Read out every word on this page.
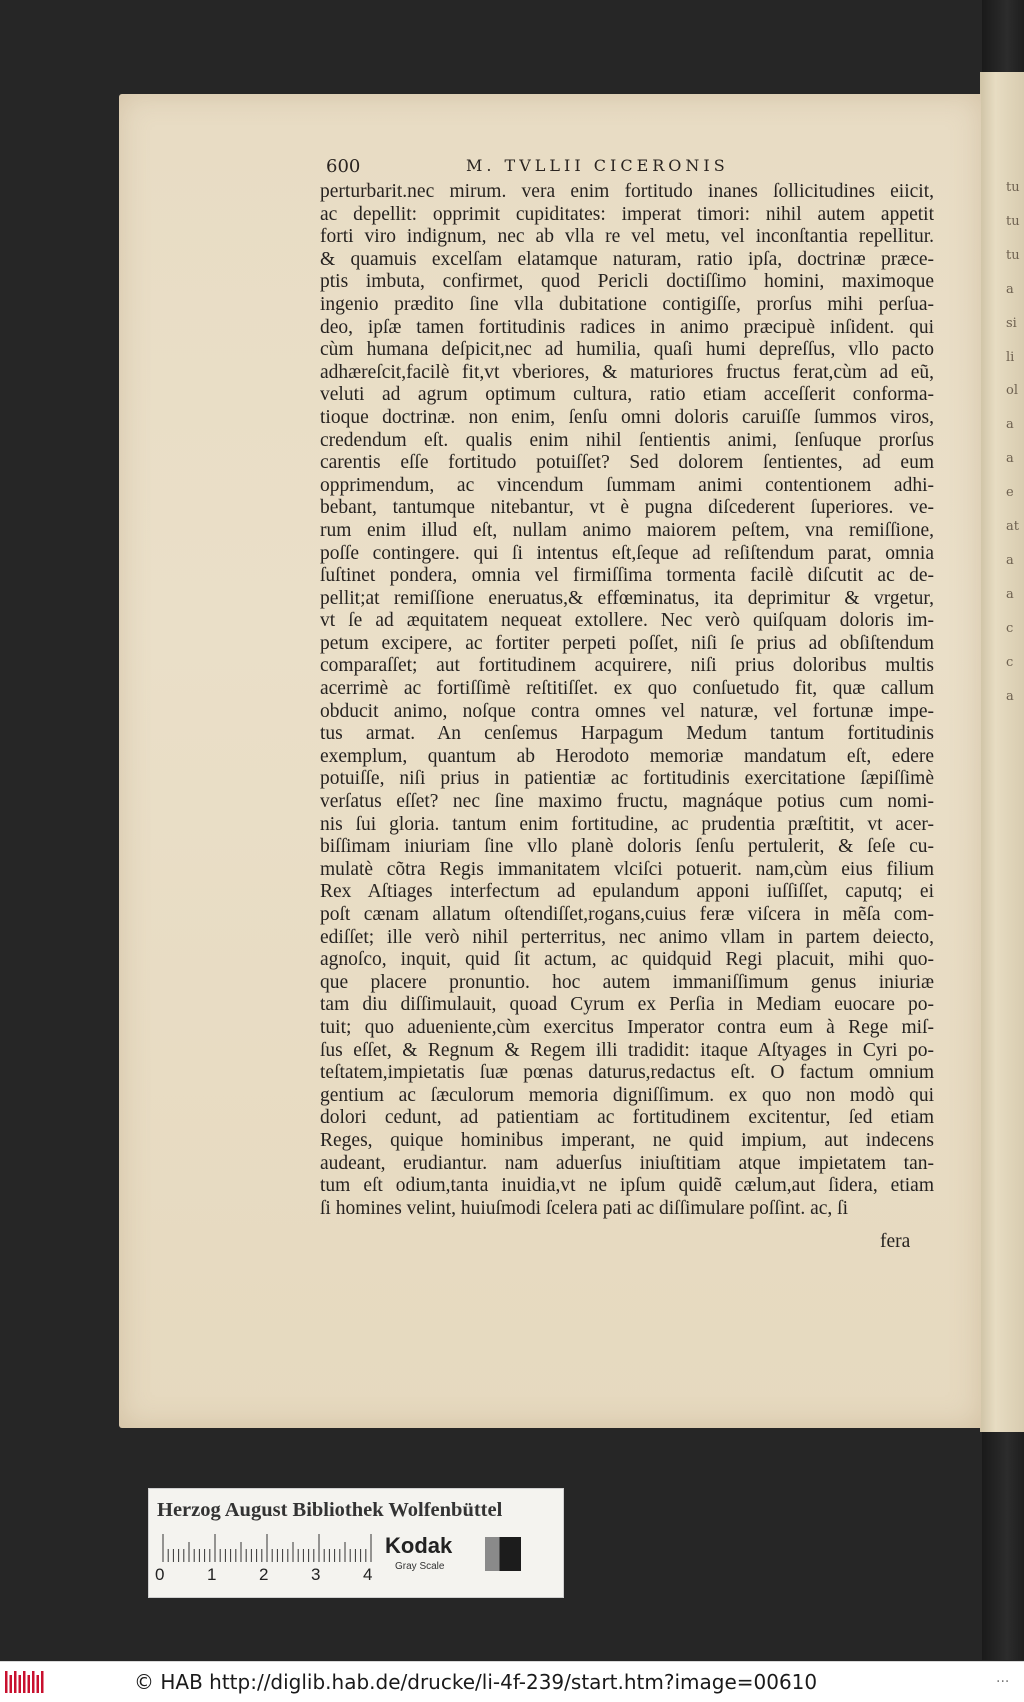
tu
tu
tu
a
si
li
ol
a
a
e
at
a
a
c
c
a
600	M. TVLLII CICERONIS
perturbarit.nec mirum. vera enim fortitudo inanes ſollicitudines eiicit,
ac depellit: opprimit cupiditates: imperat timori: nihil autem appetit
forti viro indignum, nec ab vlla re vel metu, vel inconſtantia repellitur.
& quamuis excelſam elatamque naturam, ratio ipſa, doctrinæ præce-
ptis imbuta, confirmet, quod Pericli doctiſſimo homini, maximoque
ingenio prædito ſine vlla dubitatione contigiſſe, prorſus mihi perſua-
deo, ipſæ tamen fortitudinis radices in animo præcipuè inſident. qui
cùm humana deſpicit,nec ad humilia, quaſi humi depreſſus, vllo pacto
adhæreſcit,facilè fit,vt vberiores, & maturiores fructus ferat,cùm ad eũ,
veluti ad agrum optimum cultura, ratio etiam acceſſerit conforma-
tioque doctrinæ. non enim, ſenſu omni doloris caruiſſe ſummos viros,
credendum eſt. qualis enim nihil ſentientis animi, ſenſuque prorſus
carentis eſſe fortitudo potuiſſet? Sed dolorem ſentientes, ad eum
opprimendum, ac vincendum ſummam animi contentionem adhi-
bebant, tantumque nitebantur, vt è pugna diſcederent ſuperiores. ve-
rum enim illud eſt, nullam animo maiorem peſtem, vna remiſſione,
poſſe contingere. qui ſi intentus eſt,ſeque ad reſiſtendum parat, omnia
ſuſtinet pondera, omnia vel firmiſſima tormenta facilè diſcutit ac de-
pellit;at remiſſione eneruatus,& effœminatus, ita deprimitur & vrgetur,
vt ſe ad æquitatem nequeat extollere. Nec verò quiſquam doloris im-
petum excipere, ac fortiter perpeti poſſet, niſi ſe prius ad obſiſtendum
comparaſſet; aut fortitudinem acquirere, niſi prius doloribus multis
acerrimè ac fortiſſimè reſtitiſſet. ex quo conſuetudo fit, quæ callum
obducit animo, noſque contra omnes vel naturæ, vel fortunæ impe-
tus armat. An cenſemus Harpagum Medum tantum fortitudinis
exemplum, quantum ab Herodoto memoriæ mandatum eſt, edere
potuiſſe, niſi prius in patientiæ ac fortitudinis exercitatione ſæpiſſimè
verſatus eſſet? nec ſine maximo fructu, magnáque potius cum nomi-
nis ſui gloria. tantum enim fortitudine, ac prudentia præſtitit, vt acer-
biſſimam iniuriam ſine vllo planè doloris ſenſu pertulerit, & ſeſe cu-
mulatè cõtra Regis immanitatem vlciſci potuerit. nam,cùm eius filium
Rex Aſtiages interfectum ad epulandum apponi iuſſiſſet, caputq; ei
poſt cænam allatum oſtendiſſet,rogans,cuius feræ viſcera in mẽſa com-
ediſſet; ille verò nihil perterritus, nec animo vllam in partem deiecto,
agnoſco, inquit, quid ſit actum, ac quidquid Regi placuit, mihi quo-
que placere pronuntio. hoc autem immaniſſimum genus iniuriæ
tam diu diſſimulauit, quoad Cyrum ex Perſia in Mediam euocare po-
tuit; quo adueniente,cùm exercitus Imperator contra eum à Rege miſ-
ſus eſſet, & Regnum & Regem illi tradidit: itaque Aſtyages in Cyri po-
teſtatem,impietatis ſuæ pœnas daturus,redactus eſt. O factum omnium
gentium ac ſæculorum memoria digniſſimum. ex quo non modò qui
dolori cedunt, ad patientiam ac fortitudinem excitentur, ſed etiam
Reges, quique hominibus imperant, ne quid impium, aut indecens
audeant, erudiantur. nam aduerſus iniuſtitiam atque impietatem tan-
tum eſt odium,tanta inuidia,vt ne ipſum quidẽ cælum,aut ſidera, etiam
ſi homines velint, huiuſmodi ſcelera pati ac diſſimulare poſſint. ac, ſi
fera
Herzog August Bibliothek Wolfenbüttel
0	1	2	3	4
Kodak
Gray Scale
© HAB http://diglib.hab.de/drucke/li-4f-239/start.htm?image=00610	...
